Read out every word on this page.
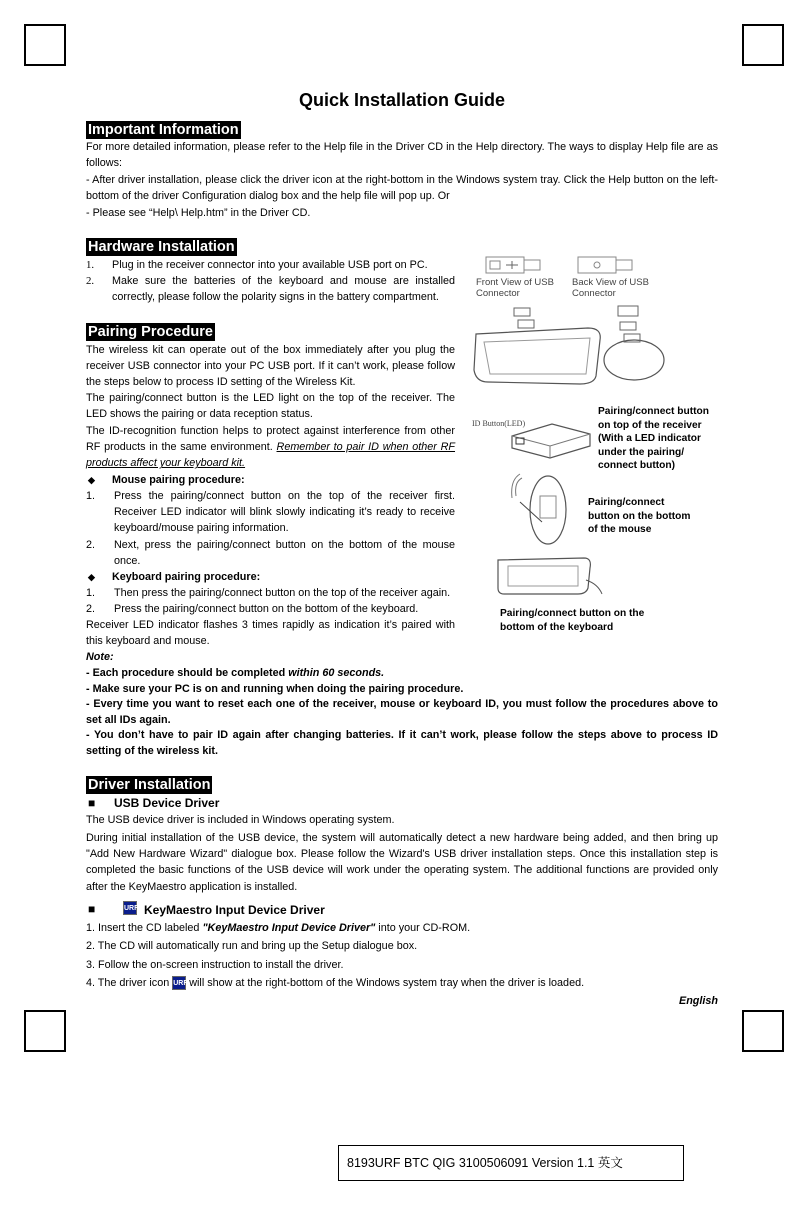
Quick Installation Guide
Important Information
For more detailed information, please refer to the Help file in the Driver CD in the Help directory. The ways to display Help file are as follows:
- After driver installation, please click the driver icon at the right-bottom in the Windows system tray. Click the Help button on the left-bottom of the driver Configuration dialog box and the help file will pop up. Or
- Please see “Help\ Help.htm” in the Driver CD.
Hardware Installation
1. Plug in the receiver connector into your available USB port on PC.
2. Make sure the batteries of the keyboard and mouse are installed correctly, please follow the polarity signs in the battery compartment.
Pairing Procedure
The wireless kit can operate out of the box immediately after you plug the receiver USB connector into your PC USB port. If it can’t work, please follow the steps below to process ID setting of the Wireless Kit.
The pairing/connect button is the LED light on the top of the receiver. The LED shows the pairing or data reception status.
The ID-recognition function helps to protect against interference from other RF products in the same environment. Remember to pair ID when other RF products affect your keyboard kit.
◆ Mouse pairing procedure:
1. Press the pairing/connect button on the top of the receiver first. Receiver LED indicator will blink slowly indicating it’s ready to receive keyboard/mouse pairing information.
2. Next, press the pairing/connect button on the bottom of the mouse once.
◆ Keyboard pairing procedure:
1. Then press the pairing/connect button on the top of the receiver again.
2. Press the pairing/connect button on the bottom of the keyboard.
Receiver LED indicator flashes 3 times rapidly as indication it’s paired with this keyboard and mouse.
Note:
- Each procedure should be completed within 60 seconds.
- Make sure your PC is on and running when doing the pairing procedure.
- Every time you want to reset each one of the receiver, mouse or keyboard ID, you must follow the procedures above to set all IDs again.
- You don’t have to pair ID again after changing batteries. If it can’t work, please follow the steps above to process ID setting of the wireless kit.
Driver Installation
■ USB Device Driver
The USB device driver is included in Windows operating system.
During initial installation of the USB device, the system will automatically detect a new hardware being added, and then bring up "Add New Hardware Wizard" dialogue box. Please follow the Wizard's USB driver installation steps. Once this installation step is completed the basic functions of the USB device will work under the operating system. The additional functions are provided only after the KeyMaestro application is installed.
■	URF KeyMaestro Input Device Driver
1. Insert the CD labeled "KeyMaestro Input Device Driver" into your CD-ROM.
2. The CD will automatically run and bring up the Setup dialogue box.
3. Follow the on-screen instruction to install the driver.
4. The driver icon URF will show at the right-bottom of the Windows system tray when the driver is loaded.
English
Front View of USB Connector
Back View of USB Connector
ID Button(LED)
Pairing/connect button on top of the receiver (With a LED indicator under the pairing/ connect button)
Pairing/connect button on the bottom of the mouse
Pairing/connect button on the bottom of the keyboard
8193URF BTC QIG 3100506091 Version 1.1 英文
